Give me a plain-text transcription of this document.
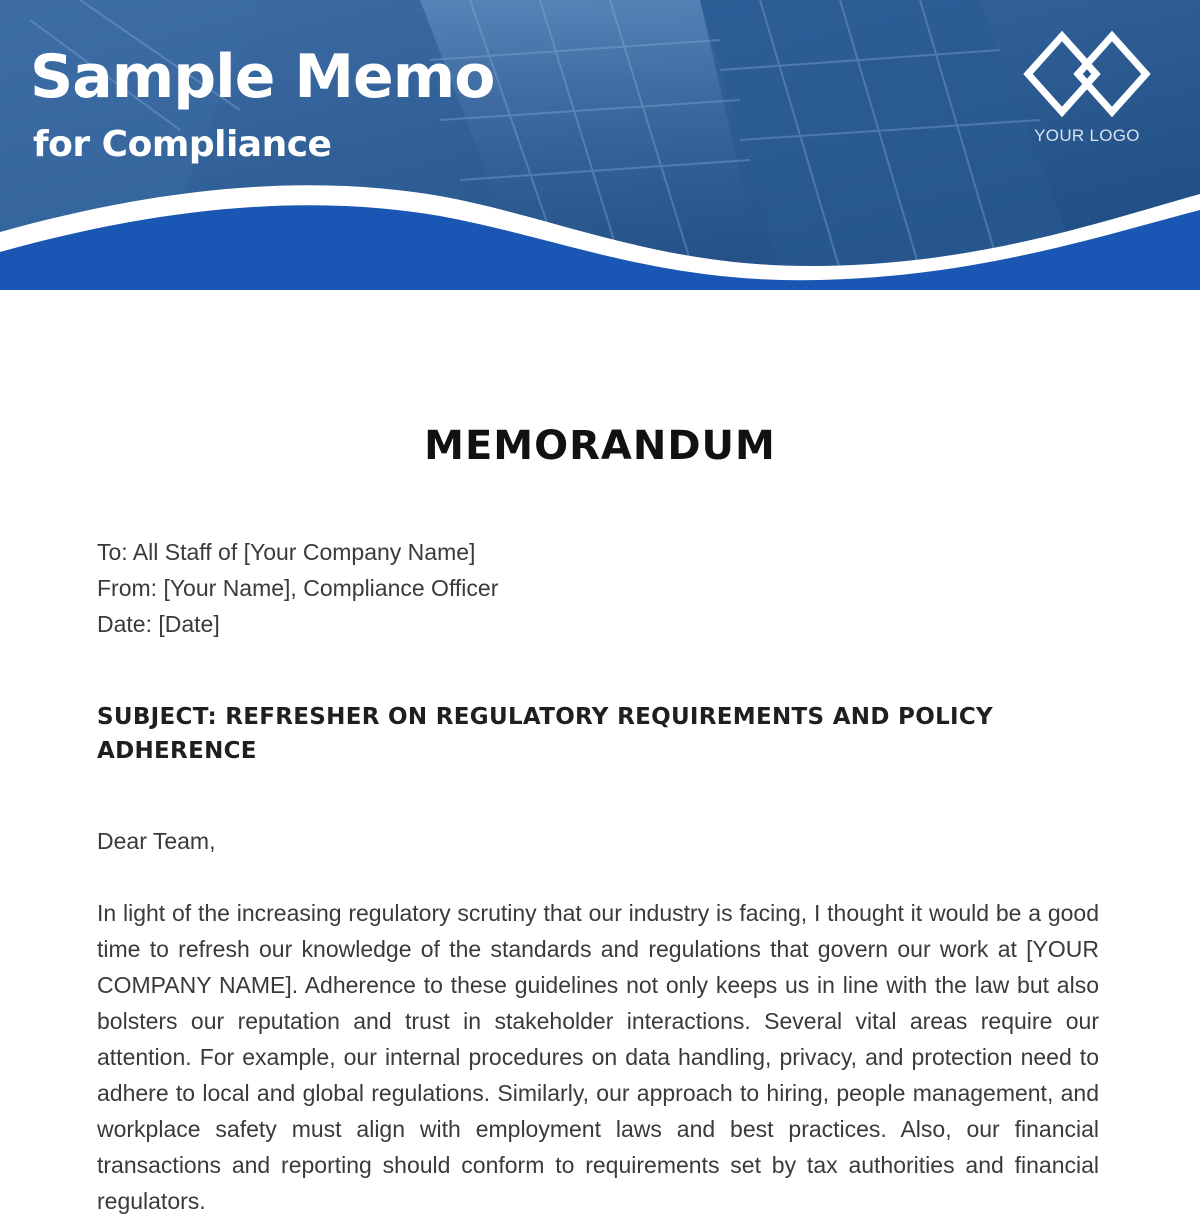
Sample Memo
for Compliance	YOUR LOGO
MEMORANDUM
To: All Staff of [Your Company Name]
From: [Your Name], Compliance Officer
Date: [Date]
SUBJECT: REFRESHER ON REGULATORY REQUIREMENTS AND POLICY ADHERENCE
Dear Team,
In light of the increasing regulatory scrutiny that our industry is facing, I thought it would be a good time to refresh our knowledge of the standards and regulations that govern our work at [YOUR COMPANY NAME]. Adherence to these guidelines not only keeps us in line with the law but also bolsters our reputation and trust in stakeholder interactions. Several vital areas require our attention. For example, our internal procedures on data handling, privacy, and protection need to adhere to local and global regulations. Similarly, our approach to hiring, people management, and workplace safety must align with employment laws and best practices. Also, our financial transactions and reporting should conform to requirements set by tax authorities and financial regulators.
